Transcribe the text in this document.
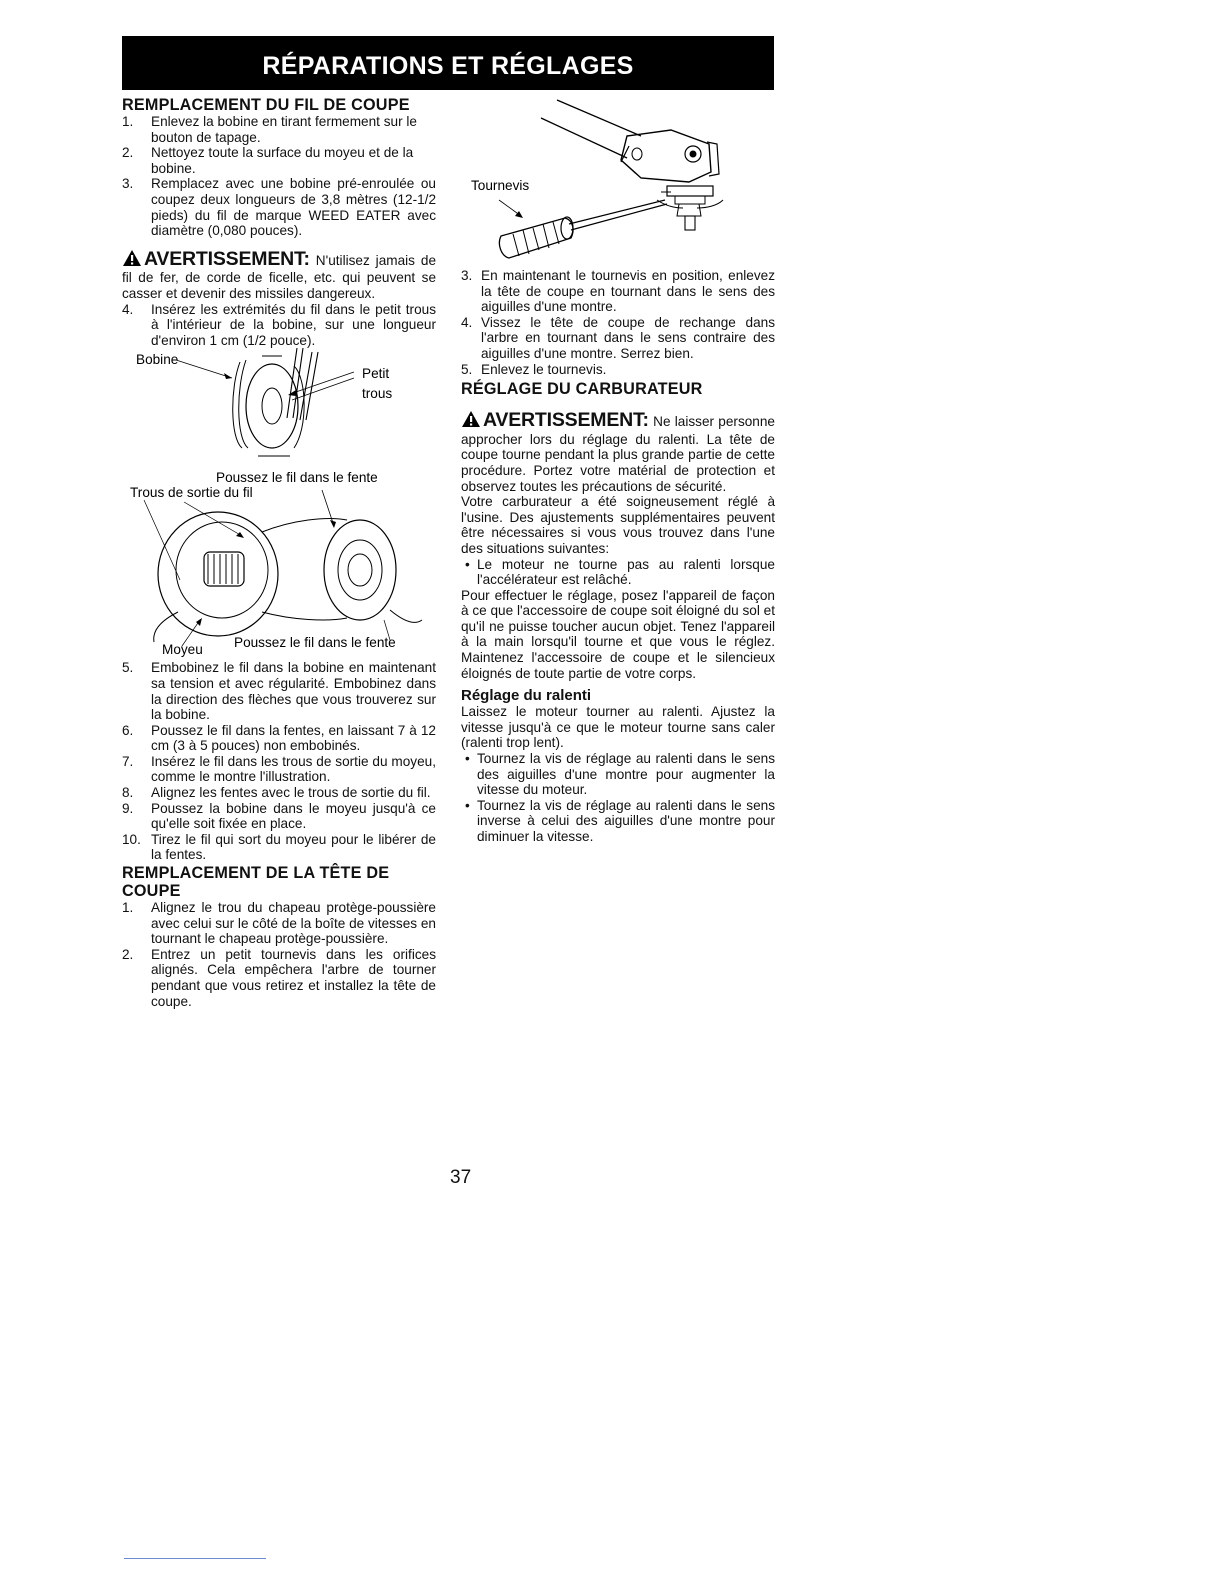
RÉPARATIONS ET RÉGLAGES
REMPLACEMENT DU FIL DE COUPE
1. Enlevez la bobine en tirant fermement sur le bouton de tapage.
2. Nettoyez toute la surface du moyeu et de la bobine.
3. Remplacez avec une bobine pré-enroulée ou coupez deux longueurs de 3,8 mètres (12-1/2 pieds) du fil de marque WEED EATER avec diamètre (0,080 pouces).

AVERTISSEMENT: N'utilisez jamais de fil de fer, de corde de ficelle, etc. qui peuvent se casser et devenir des missiles dangereux.

4. Insérez les extrémités du fil dans le petit trous à l'intérieur de la bobine, sur une longueur d'environ 1 cm (1/2 pouce).
Bobine
Petit
trous
Poussez le fil dans le fente
Trous de sortie du fil
Moyeu Poussez le fil dans le fente
5. Embobinez le fil dans la bobine en maintenant sa tension et avec régularité. Embobinez dans la direction des flèches que vous trouverez sur la bobine.
6. Poussez le fil dans la fentes, en laissant 7 à 12 cm (3 à 5 pouces) non embobinés.
7. Insérez le fil dans les trous de sortie du moyeu, comme le montre l'illustration.
8. Alignez les fentes avec le trous de sortie du fil.
9. Poussez la bobine dans le moyeu jusqu'à ce qu'elle soit fixée en place.
10. Tirez le fil qui sort du moyeu pour le libérer de la fentes.
REMPLACEMENT DE LA TÊTE DE COUPE
1. Alignez le trou du chapeau protège-poussière avec celui sur le côté de la boîte de vitesses en tournant le chapeau protège-poussière.
2. Entrez un petit tournevis dans les orifices alignés. Cela empêchera l'arbre de tourner pendant que vous retirez et installez la tête de coupe.
Tournevis
3. En maintenant le tournevis en position, enlevez la tête de coupe en tournant dans le sens des aiguilles d'une montre.
4. Vissez le tête de coupe de rechange dans l'arbre en tournant dans le sens contraire des aiguilles d'une montre. Serrez bien.
5. Enlevez le tournevis.
RÉGLAGE DU CARBURATEUR

AVERTISSEMENT: Ne laisser personne approcher lors du réglage du ralenti. La tête de coupe tourne pendant la plus grande partie de cette procédure. Portez votre matérial de protection et observez toutes les précautions de sécurité.

Votre carburateur a été soigneusement réglé à l'usine. Des ajustements supplémentaires peuvent être nécessaires si vous vous trouvez dans l'une des situations suivantes:

• Le moteur ne tourne pas au ralenti lorsque l'accélérateur est relâché.

Pour effectuer le réglage, posez l'appareil de façon à ce que l'accessoire de coupe soit éloigné du sol et qu'il ne puisse toucher aucun objet. Tenez l'appareil à la main lorsqu'il tourne et que vous le réglez. Maintenez l'accessoire de coupe et le silencieux éloignés de toute partie de votre corps.

Réglage du ralenti

Laissez le moteur tourner au ralenti. Ajustez la vitesse jusqu'à ce que le moteur tourne sans caler (ralenti trop lent).

• Tournez la vis de réglage au ralenti dans le sens des aiguilles d'une montre pour augmenter la vitesse du moteur.
• Tournez la vis de réglage au ralenti dans le sens inverse à celui des aiguilles d'une montre pour diminuer la vitesse.
37
